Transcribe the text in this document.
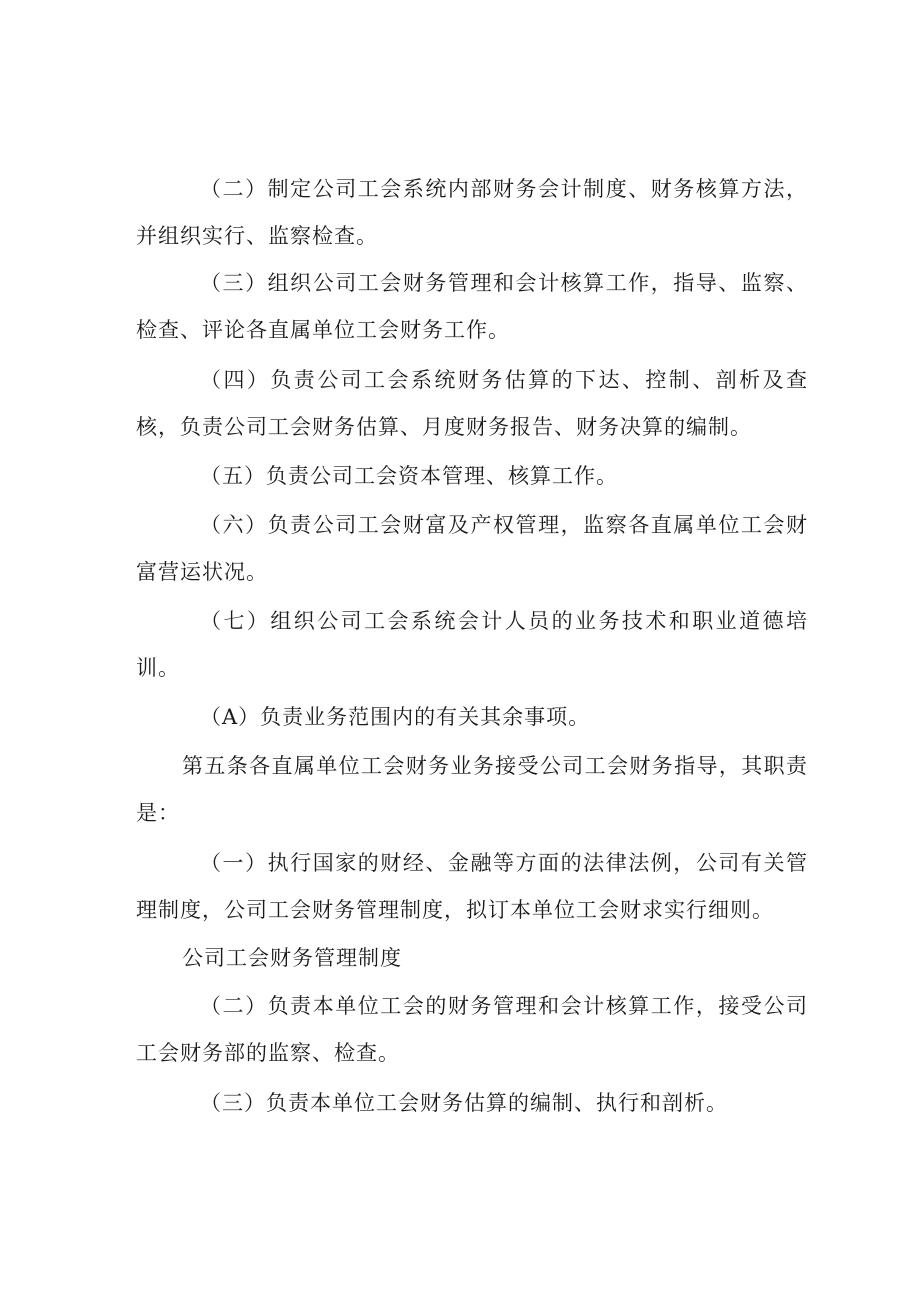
（二）制定公司工会系统内部财务会计制度、财务核算方法，并组织实行、监察检查。

（三）组织公司工会财务管理和会计核算工作，指导、监察、检查、评论各直属单位工会财务工作。

（四）负责公司工会系统财务估算的下达、控制、剖析及查核，负责公司工会财务估算、月度财务报告、财务决算的编制。

（五）负责公司工会资本管理、核算工作。

（六）负责公司工会财富及产权管理，监察各直属单位工会财富营运状况。

（七）组织公司工会系统会计人员的业务技术和职业道德培训。

（A）负责业务范围内的有关其余事项。

第五条各直属单位工会财务业务接受公司工会财务指导，其职责是：

（一）执行国家的财经、金融等方面的法律法例，公司有关管理制度，公司工会财务管理制度，拟订本单位工会财求实行细则。

公司工会财务管理制度

（二）负责本单位工会的财务管理和会计核算工作，接受公司工会财务部的监察、检查。

（三）负责本单位工会财务估算的编制、执行和剖析。
